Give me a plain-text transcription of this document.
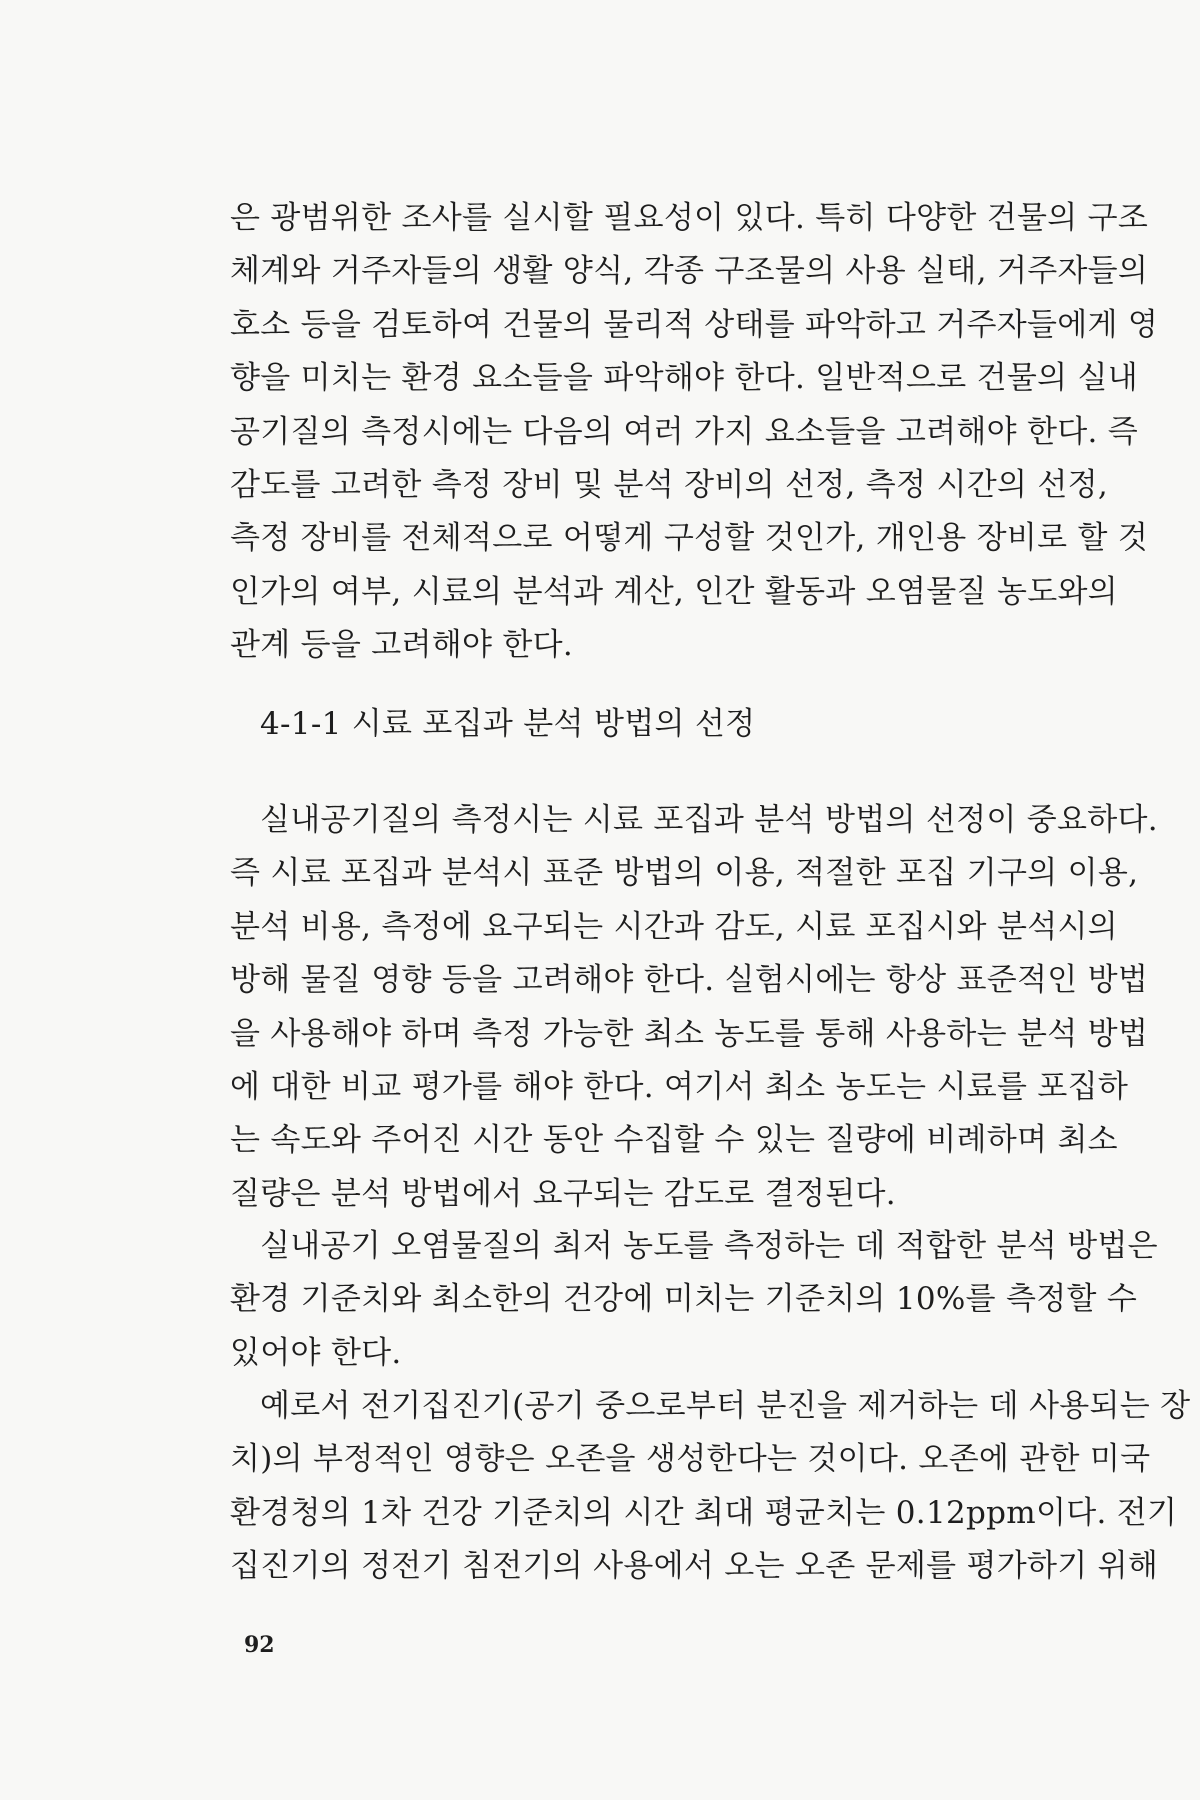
은 광범위한 조사를 실시할 필요성이 있다. 특히 다양한 건물의 구조
체계와 거주자들의 생활 양식, 각종 구조물의 사용 실태, 거주자들의
호소 등을 검토하여 건물의 물리적 상태를 파악하고 거주자들에게 영
향을 미치는 환경 요소들을 파악해야 한다. 일반적으로 건물의 실내
공기질의 측정시에는 다음의 여러 가지 요소들을 고려해야 한다. 즉
감도를 고려한 측정 장비 및 분석 장비의 선정, 측정 시간의 선정,
측정 장비를 전체적으로 어떻게 구성할 것인가, 개인용 장비로 할 것
인가의 여부, 시료의 분석과 계산, 인간 활동과 오염물질 농도와의
관계 등을 고려해야 한다.
4-1-1 시료 포집과 분석 방법의 선정
실내공기질의 측정시는 시료 포집과 분석 방법의 선정이 중요하다.
즉 시료 포집과 분석시 표준 방법의 이용, 적절한 포집 기구의 이용,
분석 비용, 측정에 요구되는 시간과 감도, 시료 포집시와 분석시의
방해 물질 영향 등을 고려해야 한다. 실험시에는 항상 표준적인 방법
을 사용해야 하며 측정 가능한 최소 농도를 통해 사용하는 분석 방법
에 대한 비교 평가를 해야 한다. 여기서 최소 농도는 시료를 포집하
는 속도와 주어진 시간 동안 수집할 수 있는 질량에 비례하며 최소
질량은 분석 방법에서 요구되는 감도로 결정된다.
실내공기 오염물질의 최저 농도를 측정하는 데 적합한 분석 방법은
환경 기준치와 최소한의 건강에 미치는 기준치의 10%를 측정할 수
있어야 한다.
예로서 전기집진기(공기 중으로부터 분진을 제거하는 데 사용되는 장
치)의 부정적인 영향은 오존을 생성한다는 것이다. 오존에 관한 미국
환경청의 1차 건강 기준치의 시간 최대 평균치는 0.12ppm이다. 전기
집진기의 정전기 침전기의 사용에서 오는 오존 문제를 평가하기 위해
92
